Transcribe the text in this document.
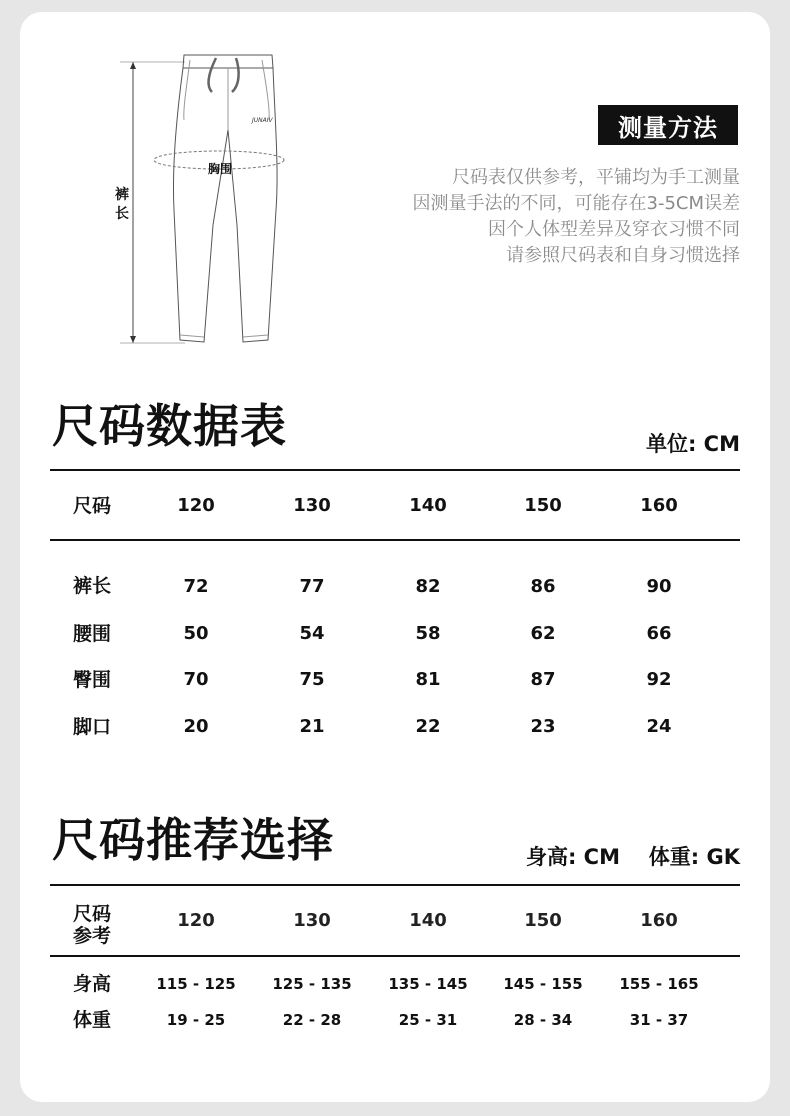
JUNAIV
裤长
胸围
测量方法
尺码表仅供参考，平铺均为手工测量
因测量手法的不同，可能存在3-5CM误差
因个人体型差异及穿衣习惯不同
请参照尺码表和自身习惯选择
尺码数据表	单位: CM
尺码	120	130	140	150	160
裤长	72	77	82	86	90
腰围	50	54	58	62	66
臀围	70	75	81	87	92
脚口	20	21	22	23	24
尺码推荐选择	身高: CM 体重: GK
尺码
参考
120	130	140	150	160
身高	115 - 125	125 - 135	135 - 145	145 - 155	155 - 165
体重	19 - 25	22 - 28	25 - 31	28 - 34	31 - 37
